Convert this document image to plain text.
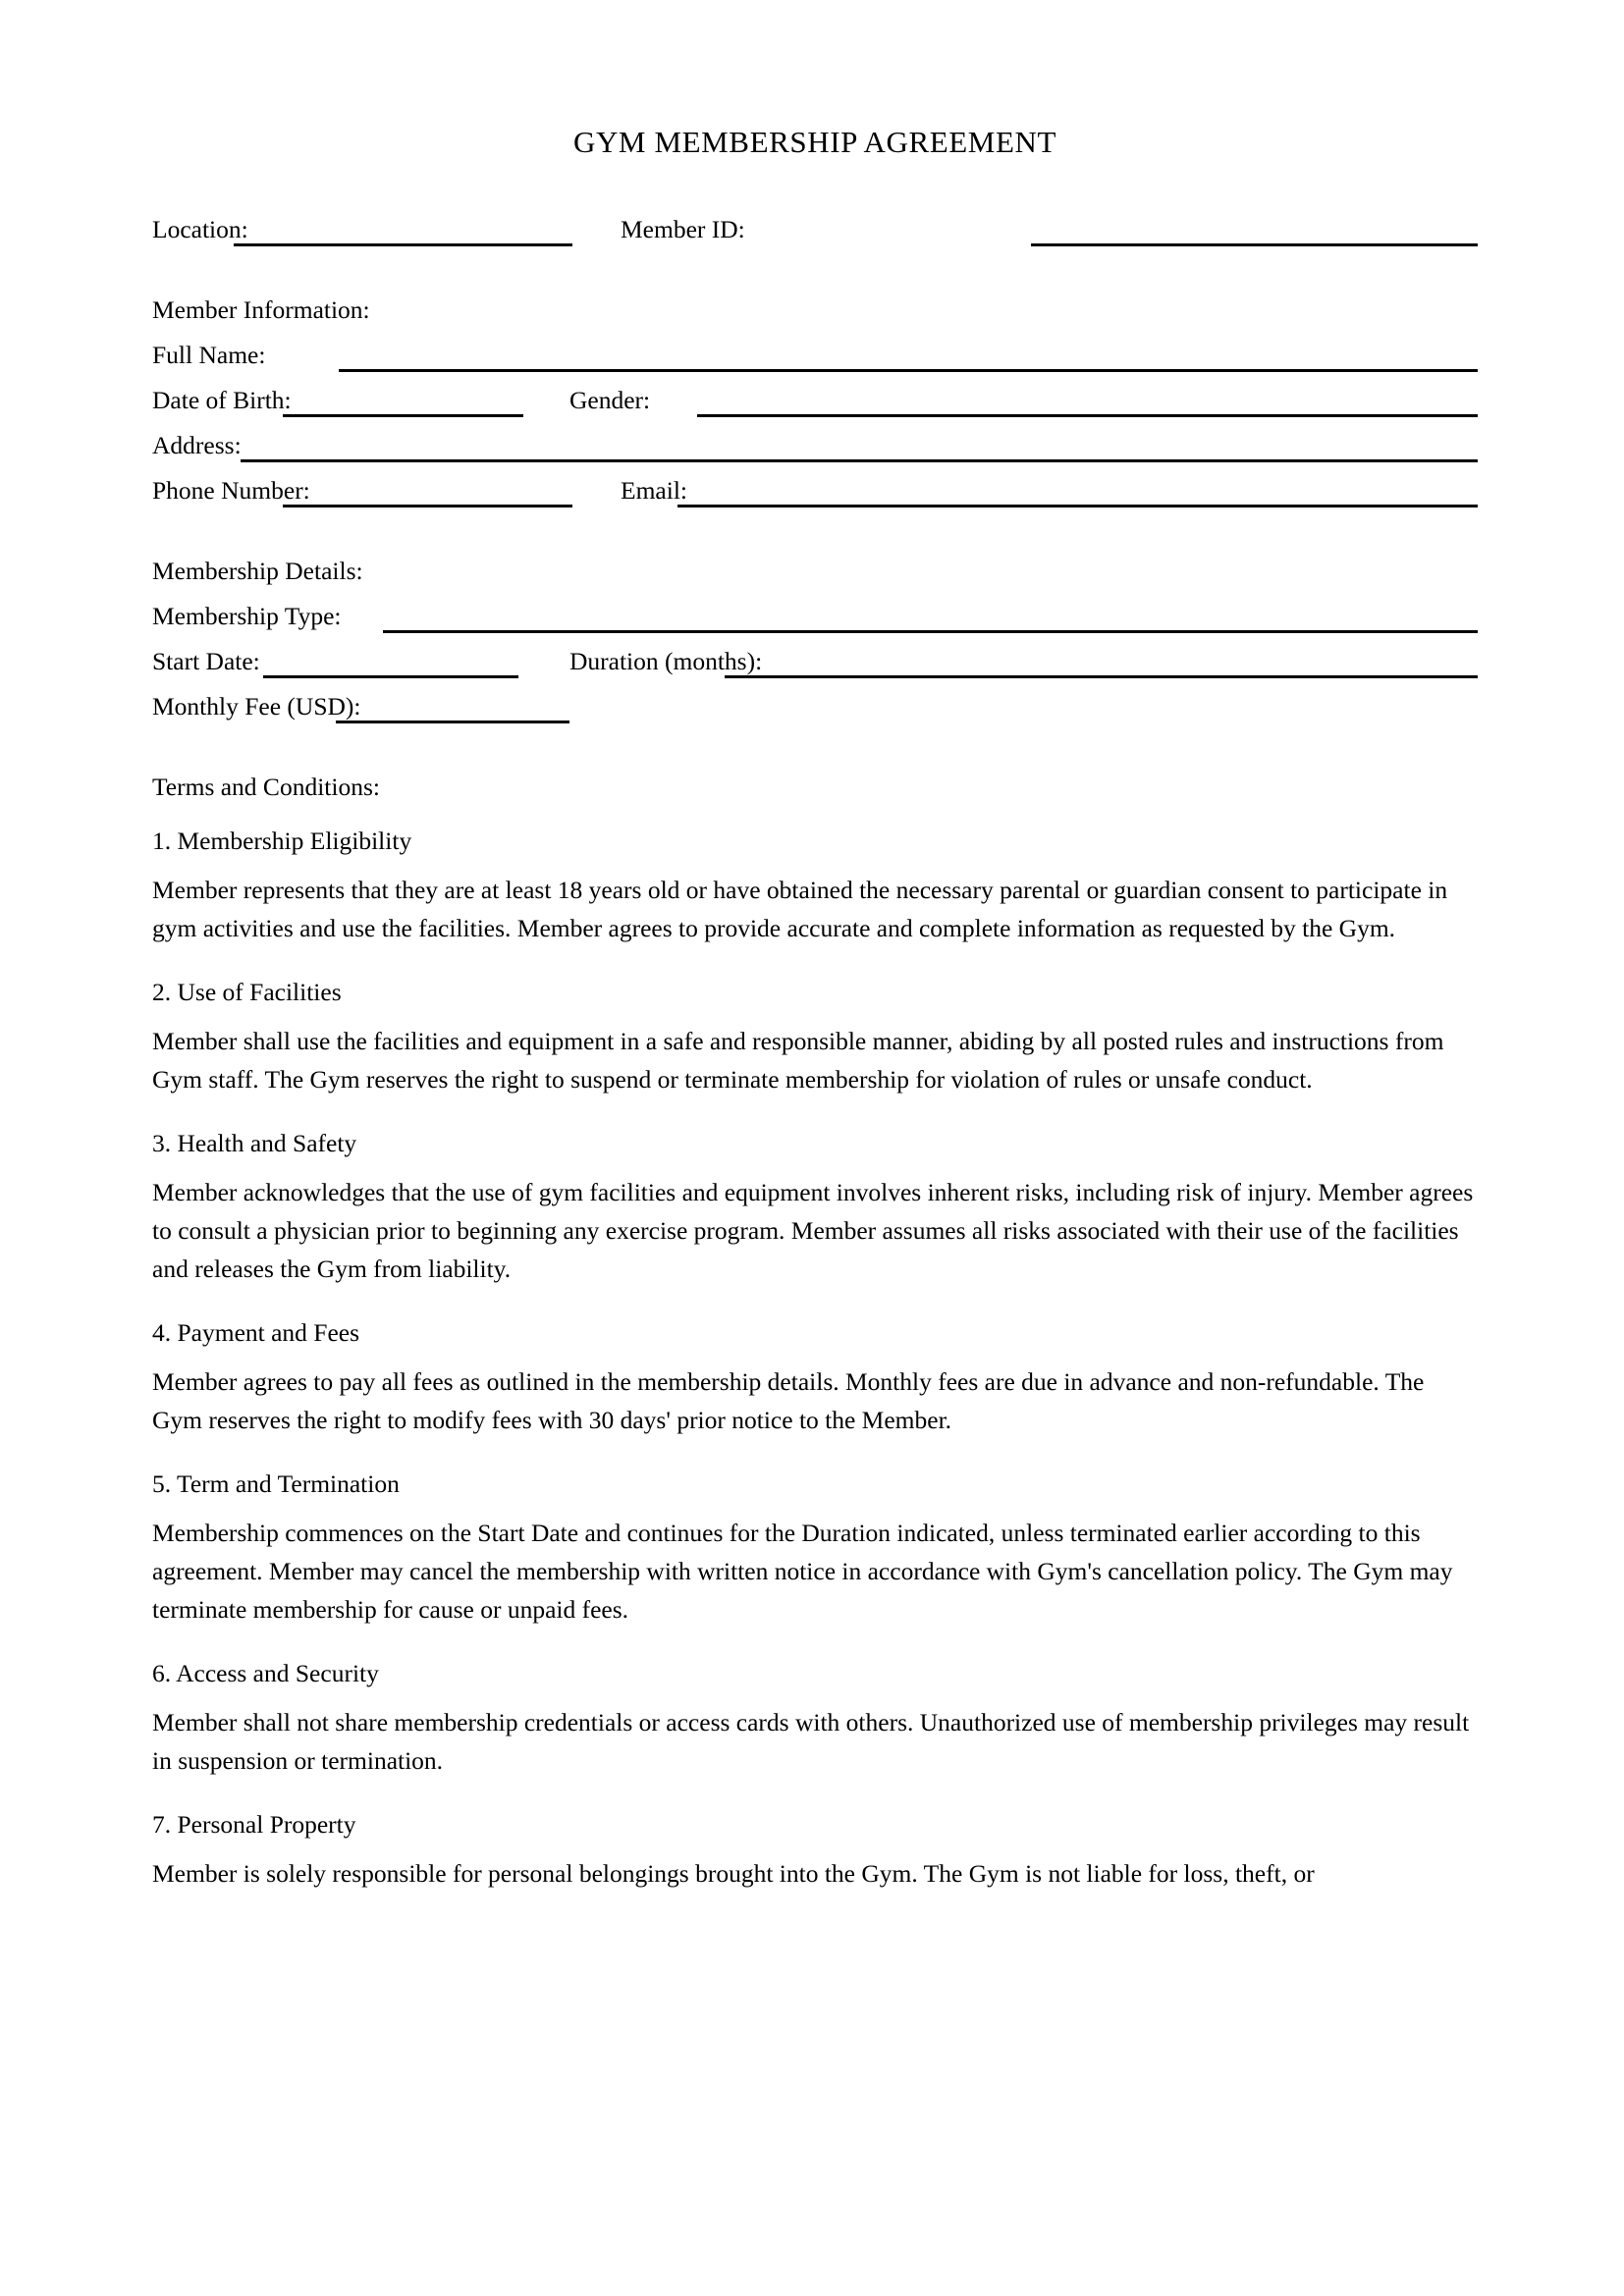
GYM MEMBERSHIP AGREEMENT
Location:	Member ID:
Member Information:
Full Name:
Date of Birth:	Gender:
Address:
Phone Number:	Email:
Membership Details:
Membership Type:
Start Date:	Duration (months):
Monthly Fee (USD):
Terms and Conditions:
1. Membership Eligibility
Member represents that they are at least 18 years old or have obtained the necessary parental or guardian consent to participate in gym activities and use the facilities. Member agrees to provide accurate and complete information as requested by the Gym.
2. Use of Facilities
Member shall use the facilities and equipment in a safe and responsible manner, abiding by all posted rules and instructions from Gym staff. The Gym reserves the right to suspend or terminate membership for violation of rules or unsafe conduct.
3. Health and Safety
Member acknowledges that the use of gym facilities and equipment involves inherent risks, including risk of injury. Member agrees to consult a physician prior to beginning any exercise program. Member assumes all risks associated with their use of the facilities and releases the Gym from liability.
4. Payment and Fees
Member agrees to pay all fees as outlined in the membership details. Monthly fees are due in advance and non-refundable. The Gym reserves the right to modify fees with 30 days' prior notice to the Member.
5. Term and Termination
Membership commences on the Start Date and continues for the Duration indicated, unless terminated earlier according to this agreement. Member may cancel the membership with written notice in accordance with Gym's cancellation policy. The Gym may terminate membership for cause or unpaid fees.
6. Access and Security
Member shall not share membership credentials or access cards with others. Unauthorized use of membership privileges may result in suspension or termination.
7. Personal Property
Member is solely responsible for personal belongings brought into the Gym. The Gym is not liable for loss, theft, or
